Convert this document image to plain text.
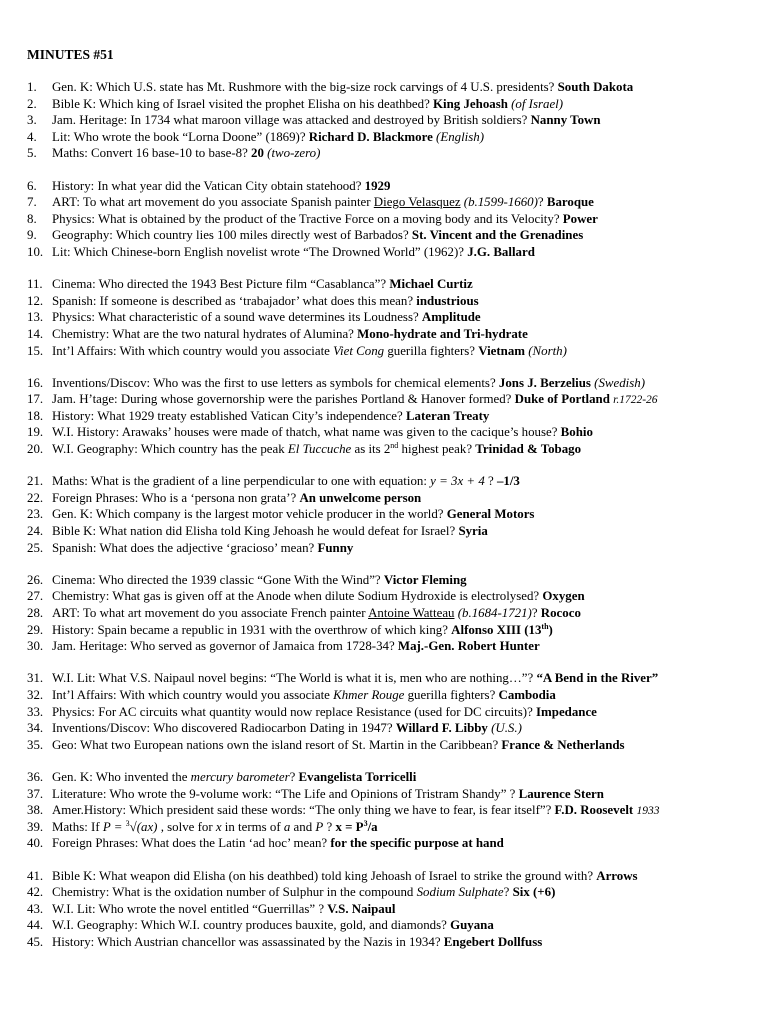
MINUTES #51
1.	Gen. K: Which U.S. state has Mt. Rushmore with the big-size rock carvings of 4 U.S. presidents? South Dakota
2.	Bible K: Which king of Israel visited the prophet Elisha on his deathbed? King Jehoash (of Israel)
3.	Jam. Heritage: In 1734 what maroon village was attacked and destroyed by British soldiers? Nanny Town
4.	Lit: Who wrote the book “Lorna Doone” (1869)? Richard D. Blackmore (English)
5.	Maths: Convert 16 base-10 to base-8? 20 (two-zero)
6.	History: In what year did the Vatican City obtain statehood? 1929
7.	ART: To what art movement do you associate Spanish painter Diego Velasquez (b.1599-1660)? Baroque
8.	Physics: What is obtained by the product of the Tractive Force on a moving body and its Velocity? Power
9.	Geography: Which country lies 100 miles directly west of Barbados? St. Vincent and the Grenadines
10. Lit: Which Chinese-born English novelist wrote “The Drowned World” (1962)? J.G. Ballard
11. Cinema: Who directed the 1943 Best Picture film “Casablanca”? Michael Curtiz
12. Spanish: If someone is described as ‘trabajador’ what does this mean? industrious
13. Physics: What characteristic of a sound wave determines its Loudness? Amplitude
14. Chemistry: What are the two natural hydrates of Alumina? Mono-hydrate and Tri-hydrate
15. Int’l Affairs: With which country would you associate Viet Cong guerilla fighters? Vietnam (North)
16. Inventions/Discov: Who was the first to use letters as symbols for chemical elements? Jons J. Berzelius (Swedish)
17. Jam. H’tage: During whose governorship were the parishes Portland & Hanover formed? Duke of Portland r.1722-26
18. History: What 1929 treaty established Vatican City’s independence? Lateran Treaty
19. W.I. History: Arawaks’ houses were made of thatch, what name was given to the cacique’s house? Bohio
20. W.I. Geography: Which country has the peak El Tuccuche as its 2nd highest peak? Trinidad & Tobago
21. Maths: What is the gradient of a line perpendicular to one with equation: y = 3x + 4 ? –1/3
22. Foreign Phrases: Who is a ‘persona non grata’? An unwelcome person
23. Gen. K: Which company is the largest motor vehicle producer in the world? General Motors
24. Bible K: What nation did Elisha told King Jehoash he would defeat for Israel? Syria
25. Spanish: What does the adjective ‘gracioso’ mean? Funny
26. Cinema: Who directed the 1939 classic “Gone With the Wind”? Victor Fleming
27. Chemistry: What gas is given off at the Anode when dilute Sodium Hydroxide is electrolysed? Oxygen
28. ART: To what art movement do you associate French painter Antoine Watteau (b.1684-1721)? Rococo
29. History: Spain became a republic in 1931 with the overthrow of which king? Alfonso XIII (13th)
30. Jam. Heritage: Who served as governor of Jamaica from 1728-34? Maj.-Gen. Robert Hunter
31. W.I. Lit: What V.S. Naipaul novel begins: “The World is what it is, men who are nothing…”? “A Bend in the River”
32. Int’l Affairs: With which country would you associate Khmer Rouge guerilla fighters? Cambodia
33. Physics: For AC circuits what quantity would now replace Resistance (used for DC circuits)? Impedance
34. Inventions/Discov: Who discovered Radiocarbon Dating in 1947? Willard F. Libby (U.S.)
35. Geo: What two European nations own the island resort of St. Martin in the Caribbean? France & Netherlands
36. Gen. K: Who invented the mercury barometer? Evangelista Torricelli
37. Literature: Who wrote the 9-volume work: “The Life and Opinions of Tristram Shandy” ? Laurence Stern
38. Amer.History: Which president said these words: “The only thing we have to fear, is fear itself”? F.D. Roosevelt 1933
39. Maths: If P = $^3$√(ax) , solve for x in terms of a and P ? $x = P^3/a$
40. Foreign Phrases: What does the Latin ‘ad hoc’ mean? for the specific purpose at hand
41. Bible K: What weapon did Elisha (on his deathbed) told king Jehoash of Israel to strike the ground with? Arrows
42. Chemistry: What is the oxidation number of Sulphur in the compound Sodium Sulphate? Six (+6)
43. W.I. Lit: Who wrote the novel entitled “Guerrillas” ? V.S. Naipaul
44. W.I. Geography: Which W.I. country produces bauxite, gold, and diamonds? Guyana
45. History: Which Austrian chancellor was assassinated by the Nazis in 1934? Engebert Dollfuss
